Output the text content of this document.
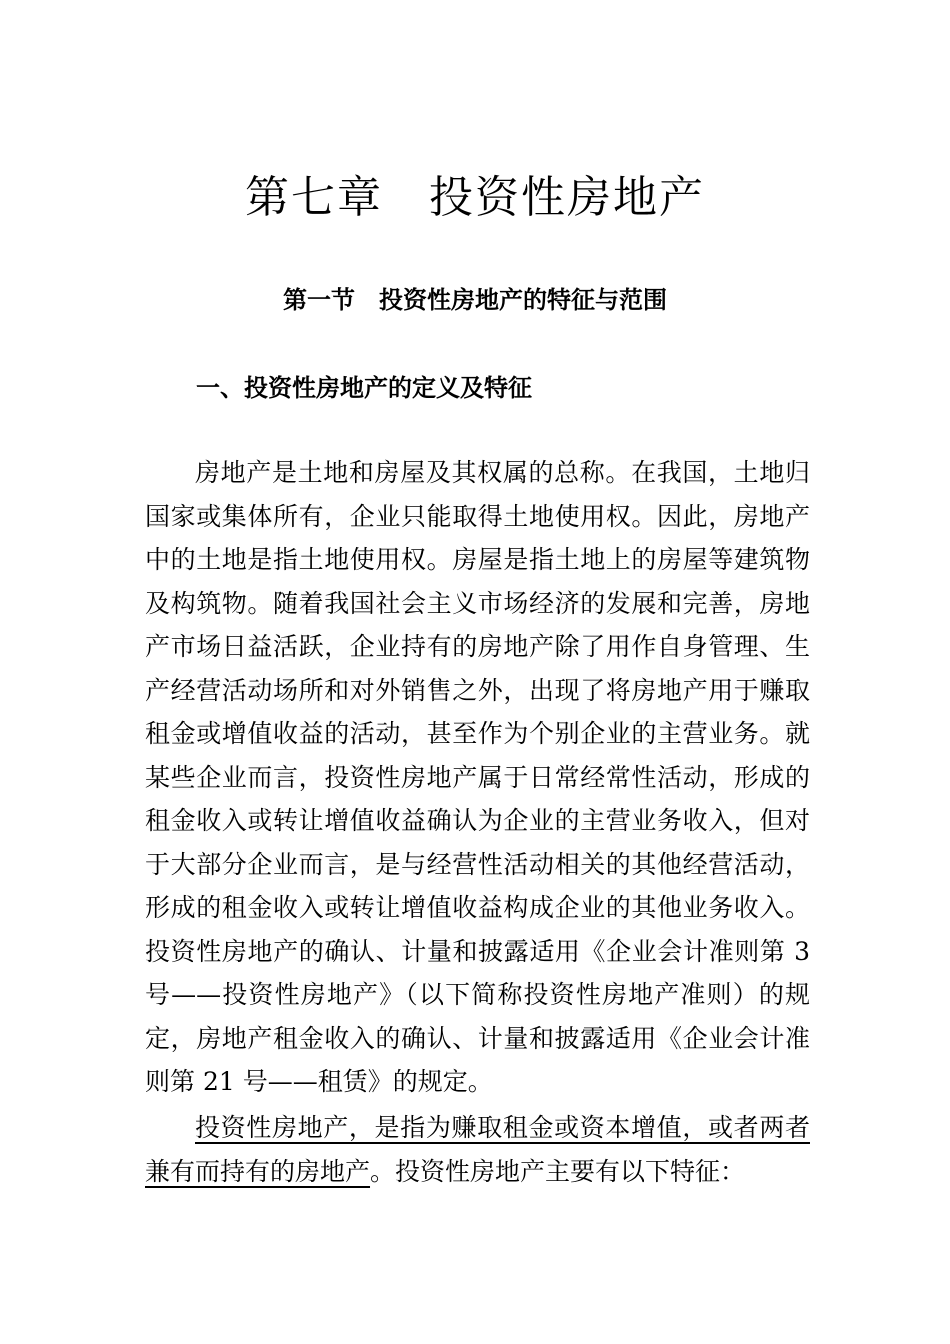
第七章　投资性房地产
第一节　投资性房地产的特征与范围
一、投资性房地产的定义及特征

房地产是土地和房屋及其权属的总称。在我国，土地归国家或集体所有，企业只能取得土地使用权。因此，房地产中的土地是指土地使用权。房屋是指土地上的房屋等建筑物及构筑物。随着我国社会主义市场经济的发展和完善，房地产市场日益活跃，企业持有的房地产除了用作自身管理、生产经营活动场所和对外销售之外，出现了将房地产用于赚取租金或增值收益的活动，甚至作为个别企业的主营业务。就某些企业而言，投资性房地产属于日常经常性活动，形成的租金收入或转让增值收益确认为企业的主营业务收入，但对于大部分企业而言，是与经营性活动相关的其他经营活动，形成的租金收入或转让增值收益构成企业的其他业务收入。投资性房地产的确认、计量和披露适用《企业会计准则第 3 号——投资性房地产》（以下简称投资性房地产准则）的规定，房地产租金收入的确认、计量和披露适用《企业会计准则第 21 号——租赁》的规定。

投资性房地产，是指为赚取租金或资本增值，或者两者兼有而持有的房地产。投资性房地产主要有以下特征：
